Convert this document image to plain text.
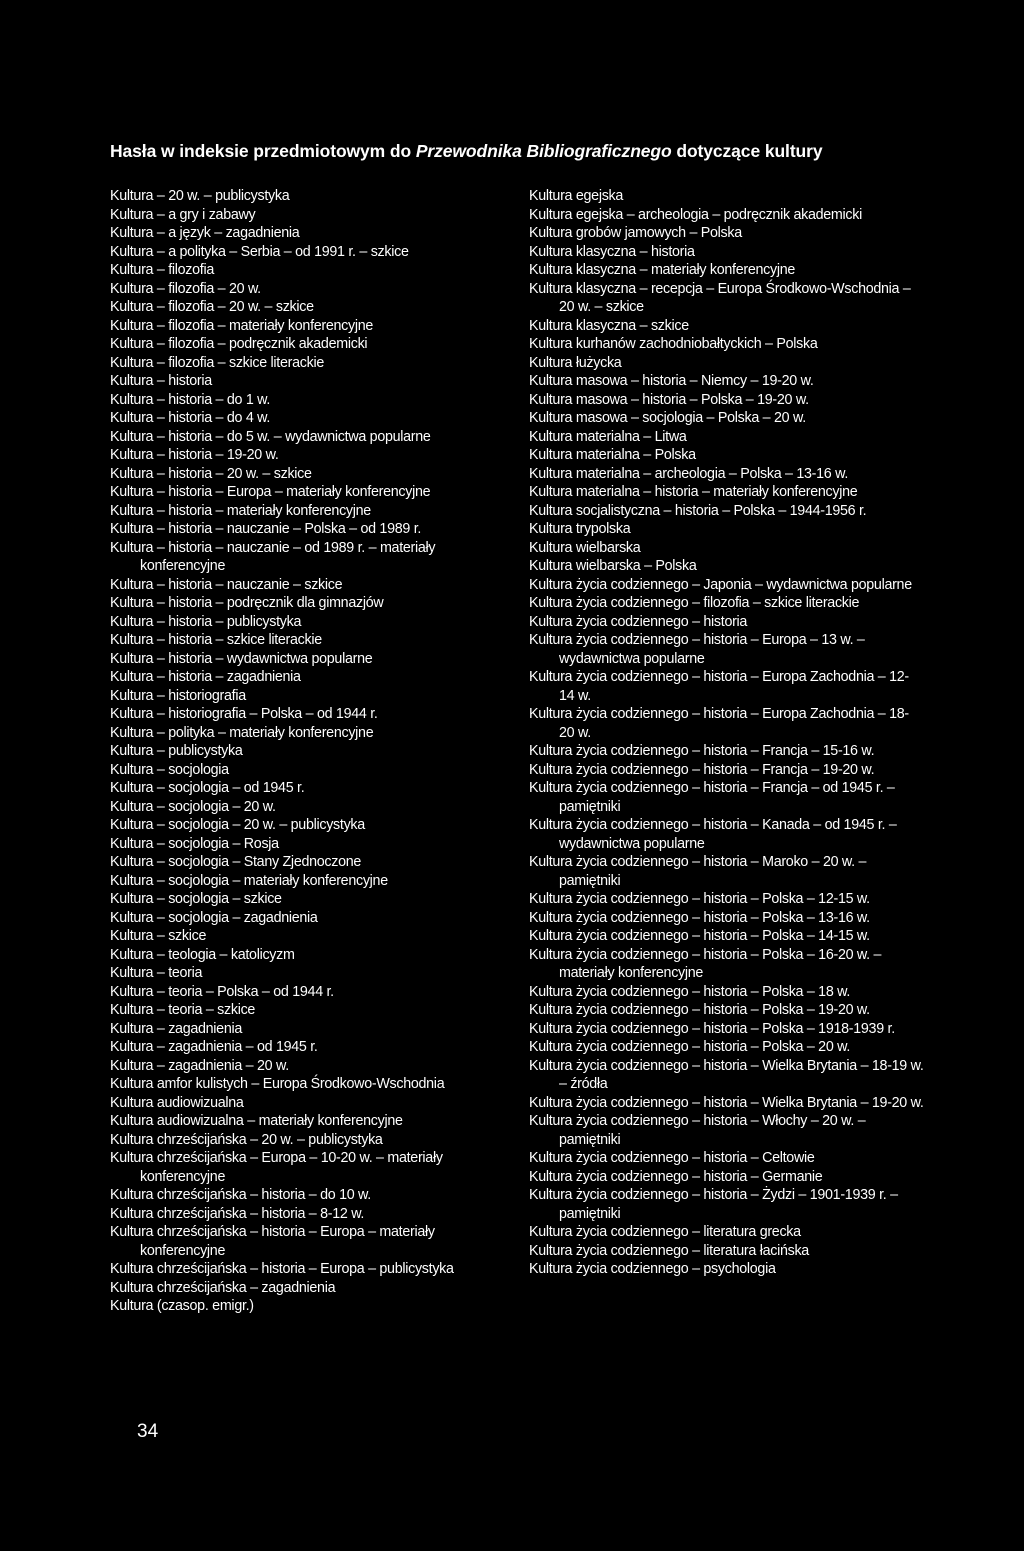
Hasła w indeksie przedmiotowym do Przewodnika Bibliograficznego dotyczące kultury
Kultura – 20 w. – publicystyka
Kultura – a gry i zabawy
Kultura – a język – zagadnienia
Kultura – a polityka – Serbia – od 1991 r. – szkice
Kultura – filozofia
Kultura – filozofia – 20 w.
Kultura – filozofia – 20 w. – szkice
Kultura – filozofia – materiały konferencyjne
Kultura – filozofia – podręcznik akademicki
Kultura – filozofia – szkice literackie
Kultura – historia
Kultura – historia – do 1 w.
Kultura – historia – do 4 w.
Kultura – historia – do 5 w. – wydawnictwa popularne
Kultura – historia – 19-20 w.
Kultura – historia – 20 w. – szkice
Kultura – historia – Europa – materiały konferencyjne
Kultura – historia – materiały konferencyjne
Kultura – historia – nauczanie – Polska – od 1989 r.
Kultura – historia – nauczanie – od 1989 r. – materiały konferencyjne
Kultura – historia – nauczanie – szkice
Kultura – historia – podręcznik dla gimnazjów
Kultura – historia – publicystyka
Kultura – historia – szkice literackie
Kultura – historia – wydawnictwa popularne
Kultura – historia – zagadnienia
Kultura – historiografia
Kultura – historiografia – Polska – od 1944 r.
Kultura – polityka – materiały konferencyjne
Kultura – publicystyka
Kultura – socjologia
Kultura – socjologia – od 1945 r.
Kultura – socjologia – 20 w.
Kultura – socjologia – 20 w. – publicystyka
Kultura – socjologia – Rosja
Kultura – socjologia – Stany Zjednoczone
Kultura – socjologia – materiały konferencyjne
Kultura – socjologia – szkice
Kultura – socjologia – zagadnienia
Kultura – szkice
Kultura – teologia – katolicyzm
Kultura – teoria
Kultura – teoria – Polska – od 1944 r.
Kultura – teoria – szkice
Kultura – zagadnienia
Kultura – zagadnienia – od 1945 r.
Kultura – zagadnienia – 20 w.
Kultura amfor kulistych – Europa Środkowo-Wschodnia
Kultura audiowizualna
Kultura audiowizualna – materiały konferencyjne
Kultura chrześcijańska – 20 w. – publicystyka
Kultura chrześcijańska – Europa – 10-20 w. – materiały konferencyjne
Kultura chrześcijańska – historia – do 10 w.
Kultura chrześcijańska – historia – 8-12 w.
Kultura chrześcijańska – historia – Europa – materiały konferencyjne
Kultura chrześcijańska – historia – Europa – publicystyka
Kultura chrześcijańska – zagadnienia
Kultura (czasop. emigr.)
Kultura egejska
Kultura egejska – archeologia – podręcznik akademicki
Kultura grobów jamowych – Polska
Kultura klasyczna – historia
Kultura klasyczna – materiały konferencyjne
Kultura klasyczna – recepcja – Europa Środkowo-Wschodnia – 20 w. – szkice
Kultura klasyczna – szkice
Kultura kurhanów zachodniobałtyckich – Polska
Kultura łużycka
Kultura masowa – historia – Niemcy – 19-20 w.
Kultura masowa – historia – Polska – 19-20 w.
Kultura masowa – socjologia – Polska – 20 w.
Kultura materialna – Litwa
Kultura materialna – Polska
Kultura materialna – archeologia – Polska – 13-16 w.
Kultura materialna – historia – materiały konferencyjne
Kultura socjalistyczna – historia – Polska – 1944-1956 r.
Kultura trypolska
Kultura wielbarska
Kultura wielbarska – Polska
Kultura życia codziennego – Japonia – wydawnictwa popularne
Kultura życia codziennego – filozofia – szkice literackie
Kultura życia codziennego – historia
Kultura życia codziennego – historia – Europa – 13 w. – wydawnictwa popularne
Kultura życia codziennego – historia – Europa Zachodnia – 12-14 w.
Kultura życia codziennego – historia – Europa Zachodnia – 18-20 w.
Kultura życia codziennego – historia – Francja – 15-16 w.
Kultura życia codziennego – historia – Francja – 19-20 w.
Kultura życia codziennego – historia – Francja – od 1945 r. – pamiętniki
Kultura życia codziennego – historia – Kanada – od 1945 r. – wydawnictwa popularne
Kultura życia codziennego – historia – Maroko – 20 w. – pamiętniki
Kultura życia codziennego – historia – Polska – 12-15 w.
Kultura życia codziennego – historia – Polska – 13-16 w.
Kultura życia codziennego – historia – Polska – 14-15 w.
Kultura życia codziennego – historia – Polska – 16-20 w. – materiały konferencyjne
Kultura życia codziennego – historia – Polska – 18 w.
Kultura życia codziennego – historia – Polska – 19-20 w.
Kultura życia codziennego – historia – Polska – 1918-1939 r.
Kultura życia codziennego – historia – Polska – 20 w.
Kultura życia codziennego – historia – Wielka Brytania – 18-19 w. – źródła
Kultura życia codziennego – historia – Wielka Brytania – 19-20 w.
Kultura życia codziennego – historia – Włochy – 20 w. – pamiętniki
Kultura życia codziennego – historia – Celtowie
Kultura życia codziennego – historia – Germanie
Kultura życia codziennego – historia – Żydzi – 1901-1939 r. – pamiętniki
Kultura życia codziennego – literatura grecka
Kultura życia codziennego – literatura łacińska
Kultura życia codziennego – psychologia
34
